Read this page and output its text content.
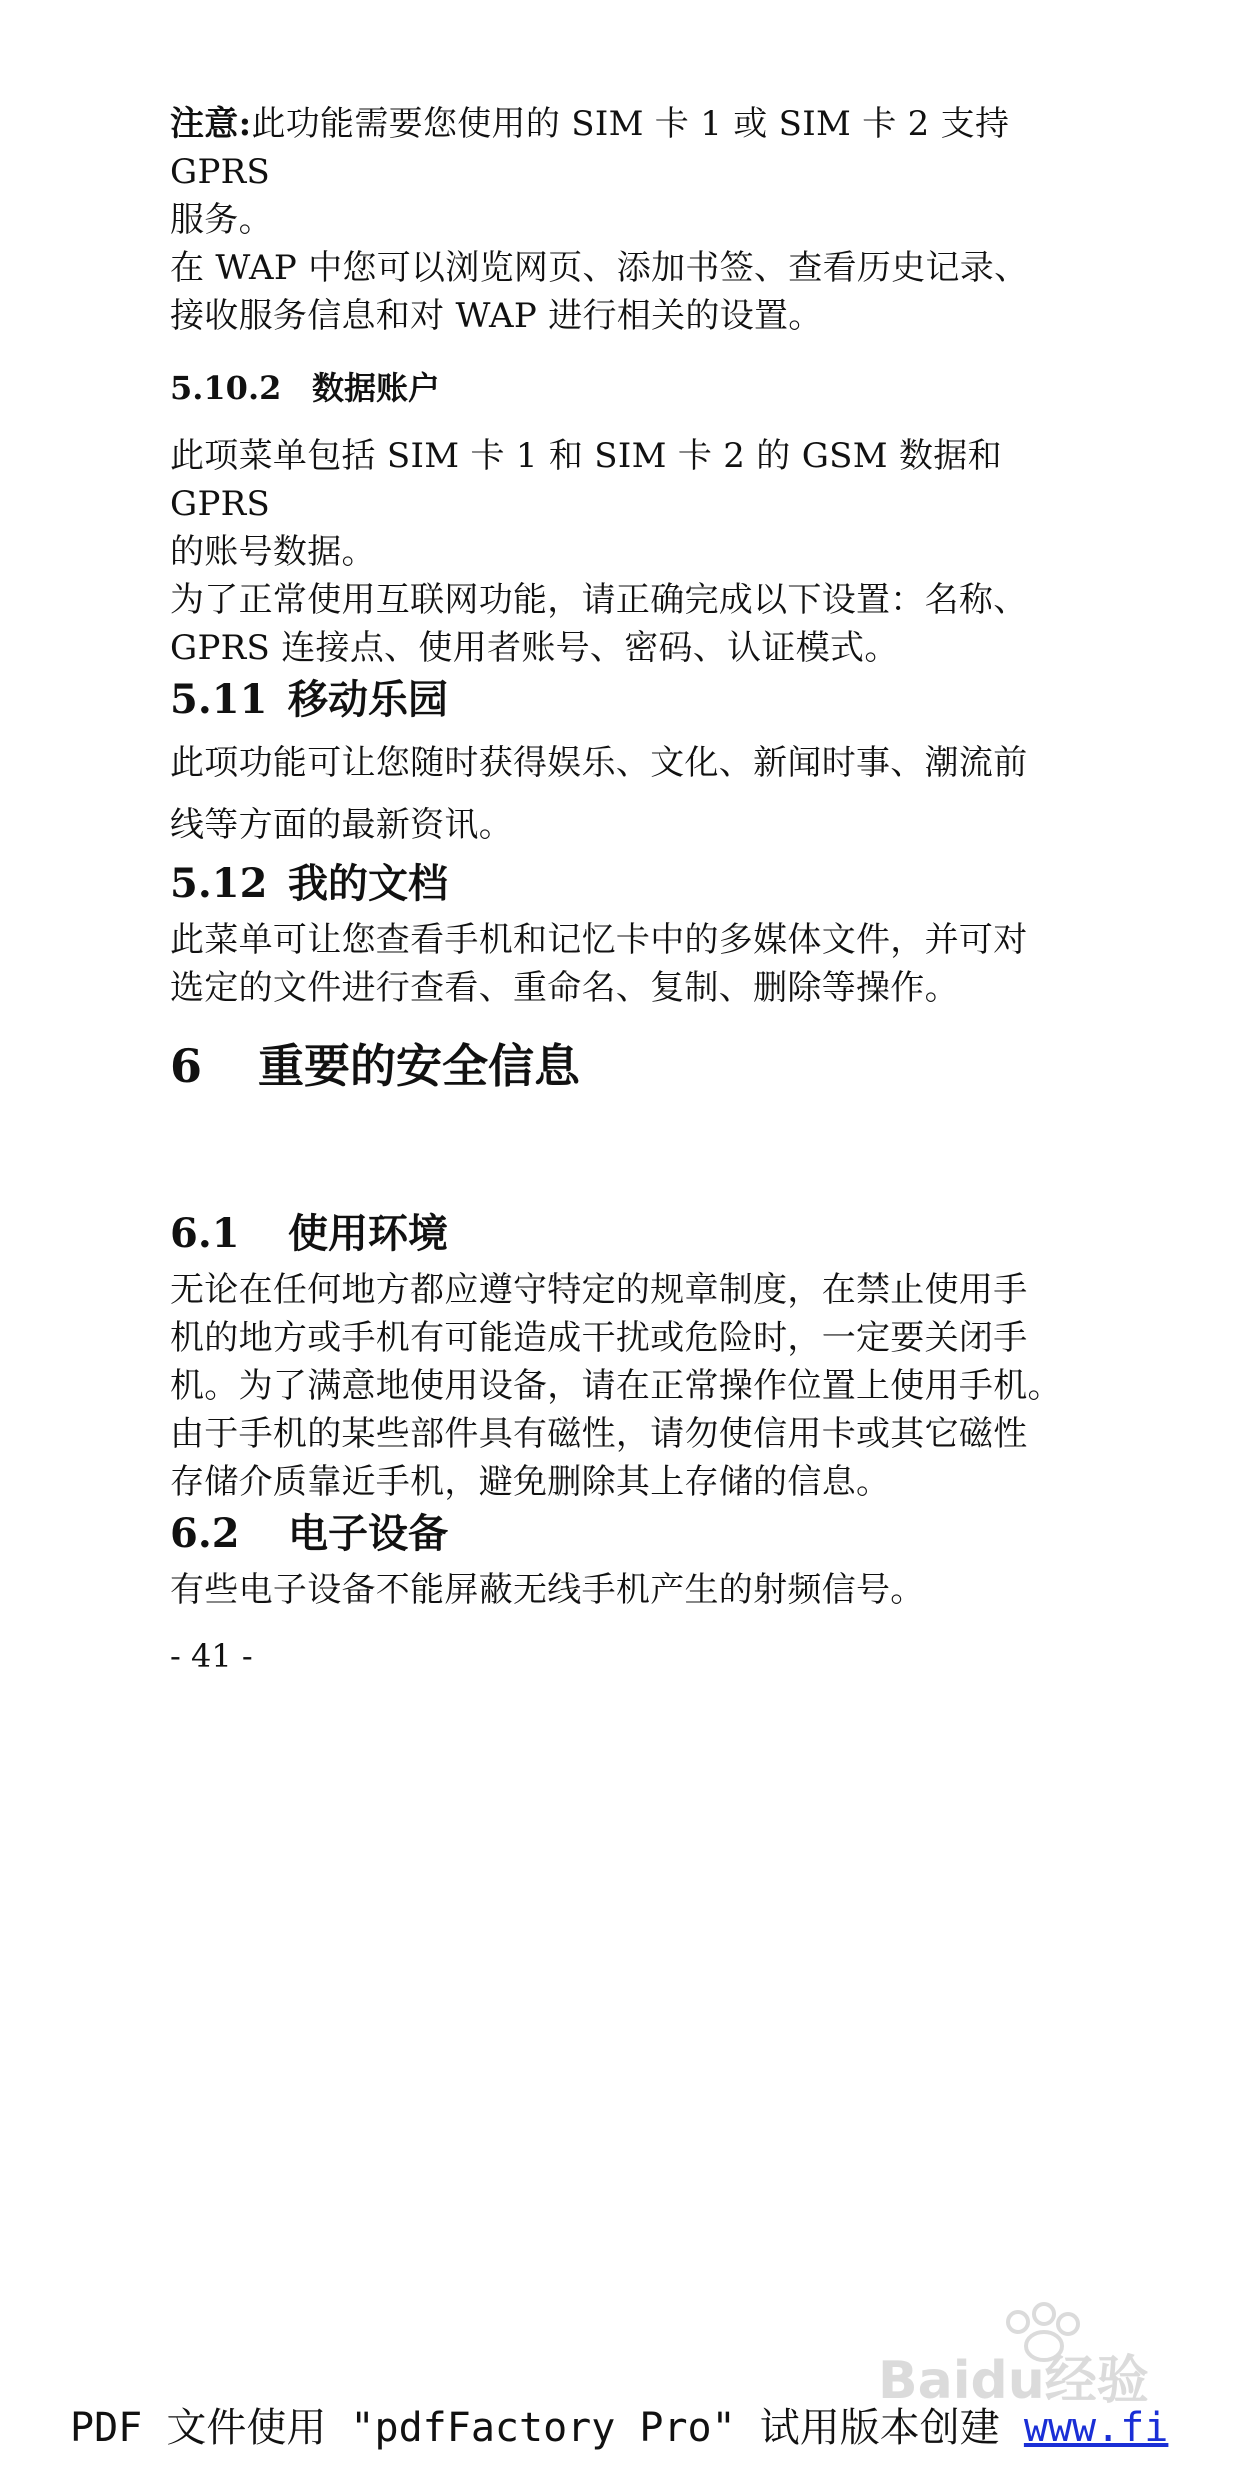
注意:此功能需要您使用的 SIM 卡 1 或 SIM 卡 2 支持 GPRS
服务。

在 WAP 中您可以浏览网页、添加书签、查看历史记录、
接收服务信息和对 WAP 进行相关的设置。

5.10.2 数据账户

此项菜单包括 SIM 卡 1 和 SIM 卡 2 的 GSM 数据和 GPRS
的账号数据。

为了正常使用互联网功能，请正确完成以下设置：名称、
GPRS 连接点、使用者账号、密码、认证模式。

5.11 移动乐园

此项功能可让您随时获得娱乐、文化、新闻时事、潮流前
线等方面的最新资讯。

5.12 我的文档

此菜单可让您查看手机和记忆卡中的多媒体文件，并可对
选定的文件进行查看、重命名、复制、删除等操作。

6	重要的安全信息
6.1	使用环境

无论在任何地方都应遵守特定的规章制度，在禁止使用手
机的地方或手机有可能造成干扰或危险时，一定要关闭手
机。为了满意地使用设备，请在正常操作位置上使用手机。
由于手机的某些部件具有磁性，请勿使信用卡或其它磁性
存储介质靠近手机，避免删除其上存储的信息。

6.2	电子设备

有些电子设备不能屏蔽无线手机产生的射频信号。

- 41 -
Baidu经验
PDF 文件使用 "pdfFactory Pro" 试用版本创建 www.fi
